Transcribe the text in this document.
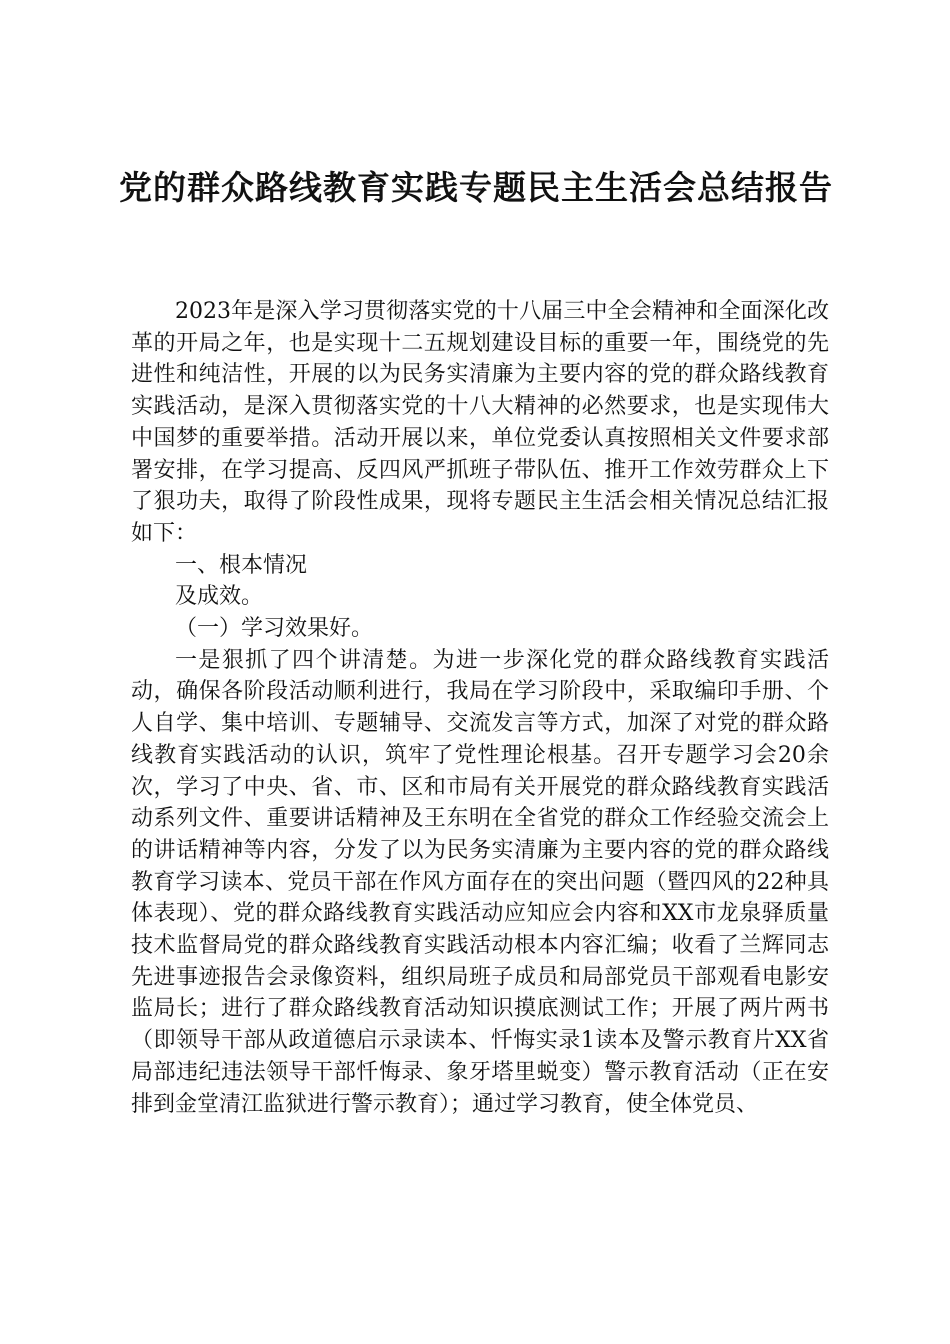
党的群众路线教育实践专题民主生活会总结报告

2023年是深入学习贯彻落实党的十八届三中全会精神和全面深化改革的开局之年，也是实现十二五规划建设目标的重要一年，围绕党的先进性和纯洁性，开展的以为民务实清廉为主要内容的党的群众路线教育实践活动，是深入贯彻落实党的十八大精神的必然要求，也是实现伟大中国梦的重要举措。活动开展以来，单位党委认真按照相关文件要求部署安排，在学习提高、反四风严抓班子带队伍、推开工作效劳群众上下了狠功夫，取得了阶段性成果，现将专题民主生活会相关情况总结汇报如下：

一、根本情况

及成效。

（一）学习效果好。

一是狠抓了四个讲清楚。为进一步深化党的群众路线教育实践活动，确保各阶段活动顺利进行，我局在学习阶段中，采取编印手册、个人自学、集中培训、专题辅导、交流发言等方式，加深了对党的群众路线教育实践活动的认识，筑牢了党性理论根基。召开专题学习会20余次，学习了中央、省、市、区和市局有关开展党的群众路线教育实践活动系列文件、重要讲话精神及王东明在全省党的群众工作经验交流会上的讲话精神等内容，分发了以为民务实清廉为主要内容的党的群众路线教育学习读本、党员干部在作风方面存在的突出问题（暨四风的22种具体表现）、党的群众路线教育实践活动应知应会内容和XX市龙泉驿质量技术监督局党的群众路线教育实践活动根本内容汇编；收看了兰辉同志先进事迹报告会录像资料，组织局班子成员和局部党员干部观看电影安监局长；进行了群众路线教育活动知识摸底测试工作；开展了两片两书（即领导干部从政道德启示录读本、忏悔实录1读本及警示教育片XX省局部违纪违法领导干部忏悔录、象牙塔里蜕变）警示教育活动（正在安排到金堂清江监狱进行警示教育）；通过学习教育，使全体党员、
